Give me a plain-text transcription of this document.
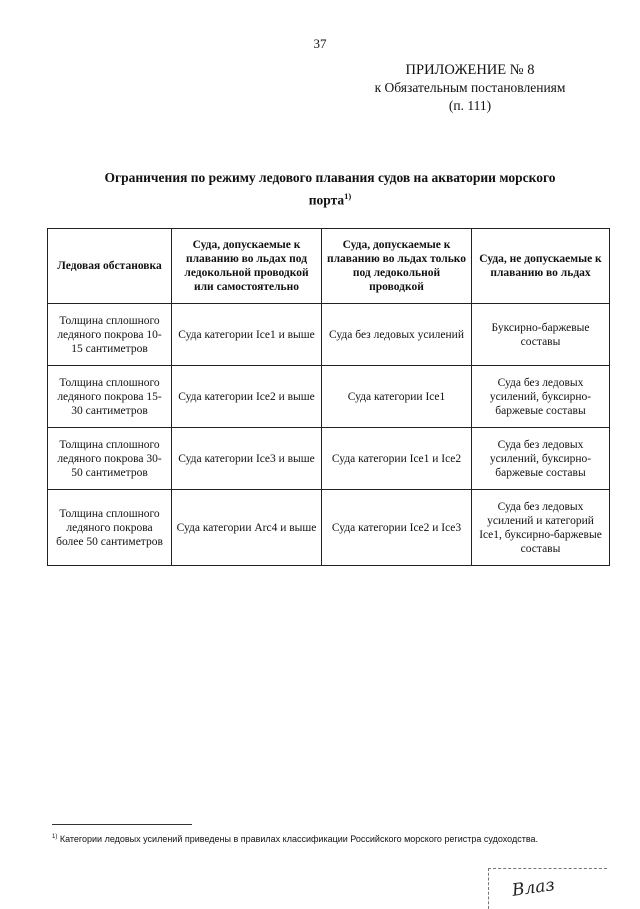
37
ПРИЛОЖЕНИЕ № 8
к Обязательным постановлениям
(п. 111)
Ограничения по режиму ледового плавания судов на акватории морского
порта$^{1)}$
Ледовая обстановка	Суда, допускаемые к плаванию во льдах под ледокольной проводкой или самостоятельно	Суда, допускаемые к плаванию во льдах только под ледокольной проводкой	Суда, не допускаемые к плаванию во льдах
Толщина сплошного ледяного покрова 10-15 сантиметров	Суда категории Ice1 и выше	Суда без ледовых усилений	Буксирно-баржевые составы
Толщина сплошного ледяного покрова 15-30 сантиметров	Суда категории Ice2 и выше	Суда категории Ice1	Суда без ледовых усилений, буксирно-баржевые составы
Толщина сплошного ледяного покрова 30-50 сантиметров	Суда категории Ice3 и выше	Суда категории Ice1 и Ice2	Суда без ледовых усилений, буксирно-баржевые составы
Толщина сплошного ледяного покрова более 50 сантиметров	Суда категории Arc4 и выше	Суда категории Ice2 и Ice3	Суда без ледовых усилений и категорий Ice1, буксирно-баржевые составы
$^{1)}$ Категории ледовых усилений приведены в правилах классификации Российского морского регистра судоходства.
Влаз
